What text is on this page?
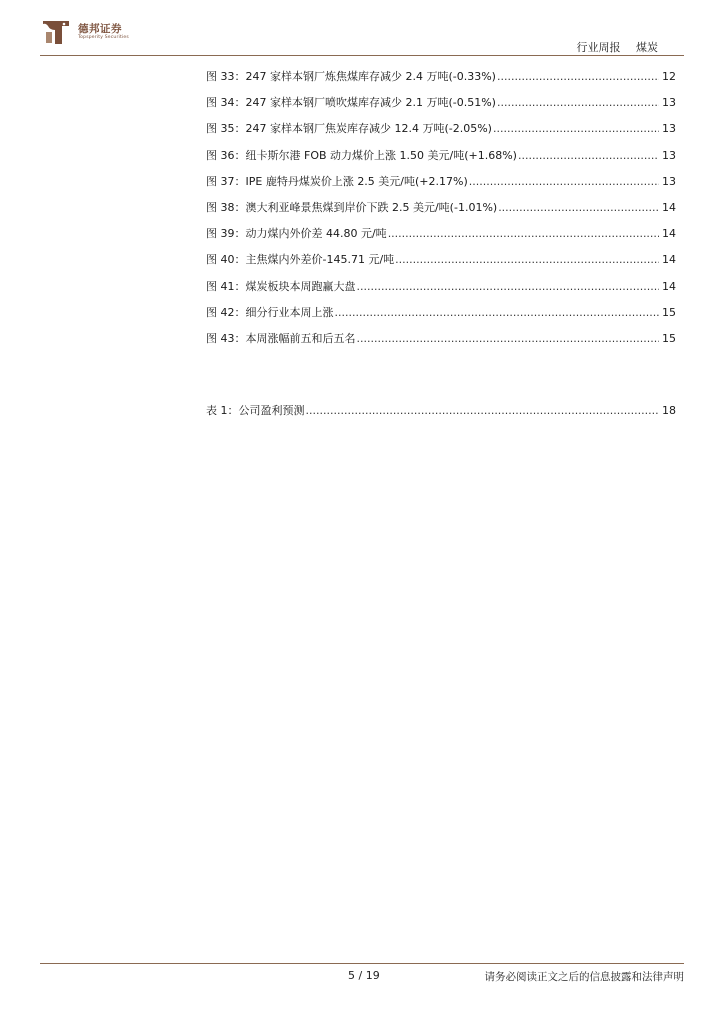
德邦证券
Topsperity Securities
行业周报 煤炭
图 33：247 家样本钢厂炼焦煤库存减少 2.4 万吨(-0.33%) .....	12
图 34：247 家样本钢厂喷吹煤库存减少 2.1 万吨(-0.51%) .....	13
图 35：247 家样本钢厂焦炭库存减少 12.4 万吨(-2.05%) .....	13
图 36：纽卡斯尔港 FOB 动力煤价上涨 1.50 美元/吨(+1.68%) .....	13
图 37：IPE 鹿特丹煤炭价上涨 2.5 美元/吨(+2.17%) .....	13
图 38：澳大利亚峰景焦煤到岸价下跌 2.5 美元/吨(-1.01%) .....	14
图 39：动力煤内外价差 44.80 元/吨 .....	14
图 40：主焦煤内外差价-145.71 元/吨 .....	14
图 41：煤炭板块本周跑赢大盘 .....	14
图 42：细分行业本周上涨 .....	15
图 43：本周涨幅前五和后五名 .....	15
表 1：公司盈利预测 .....	18
5 / 19	请务必阅读正文之后的信息披露和法律声明
